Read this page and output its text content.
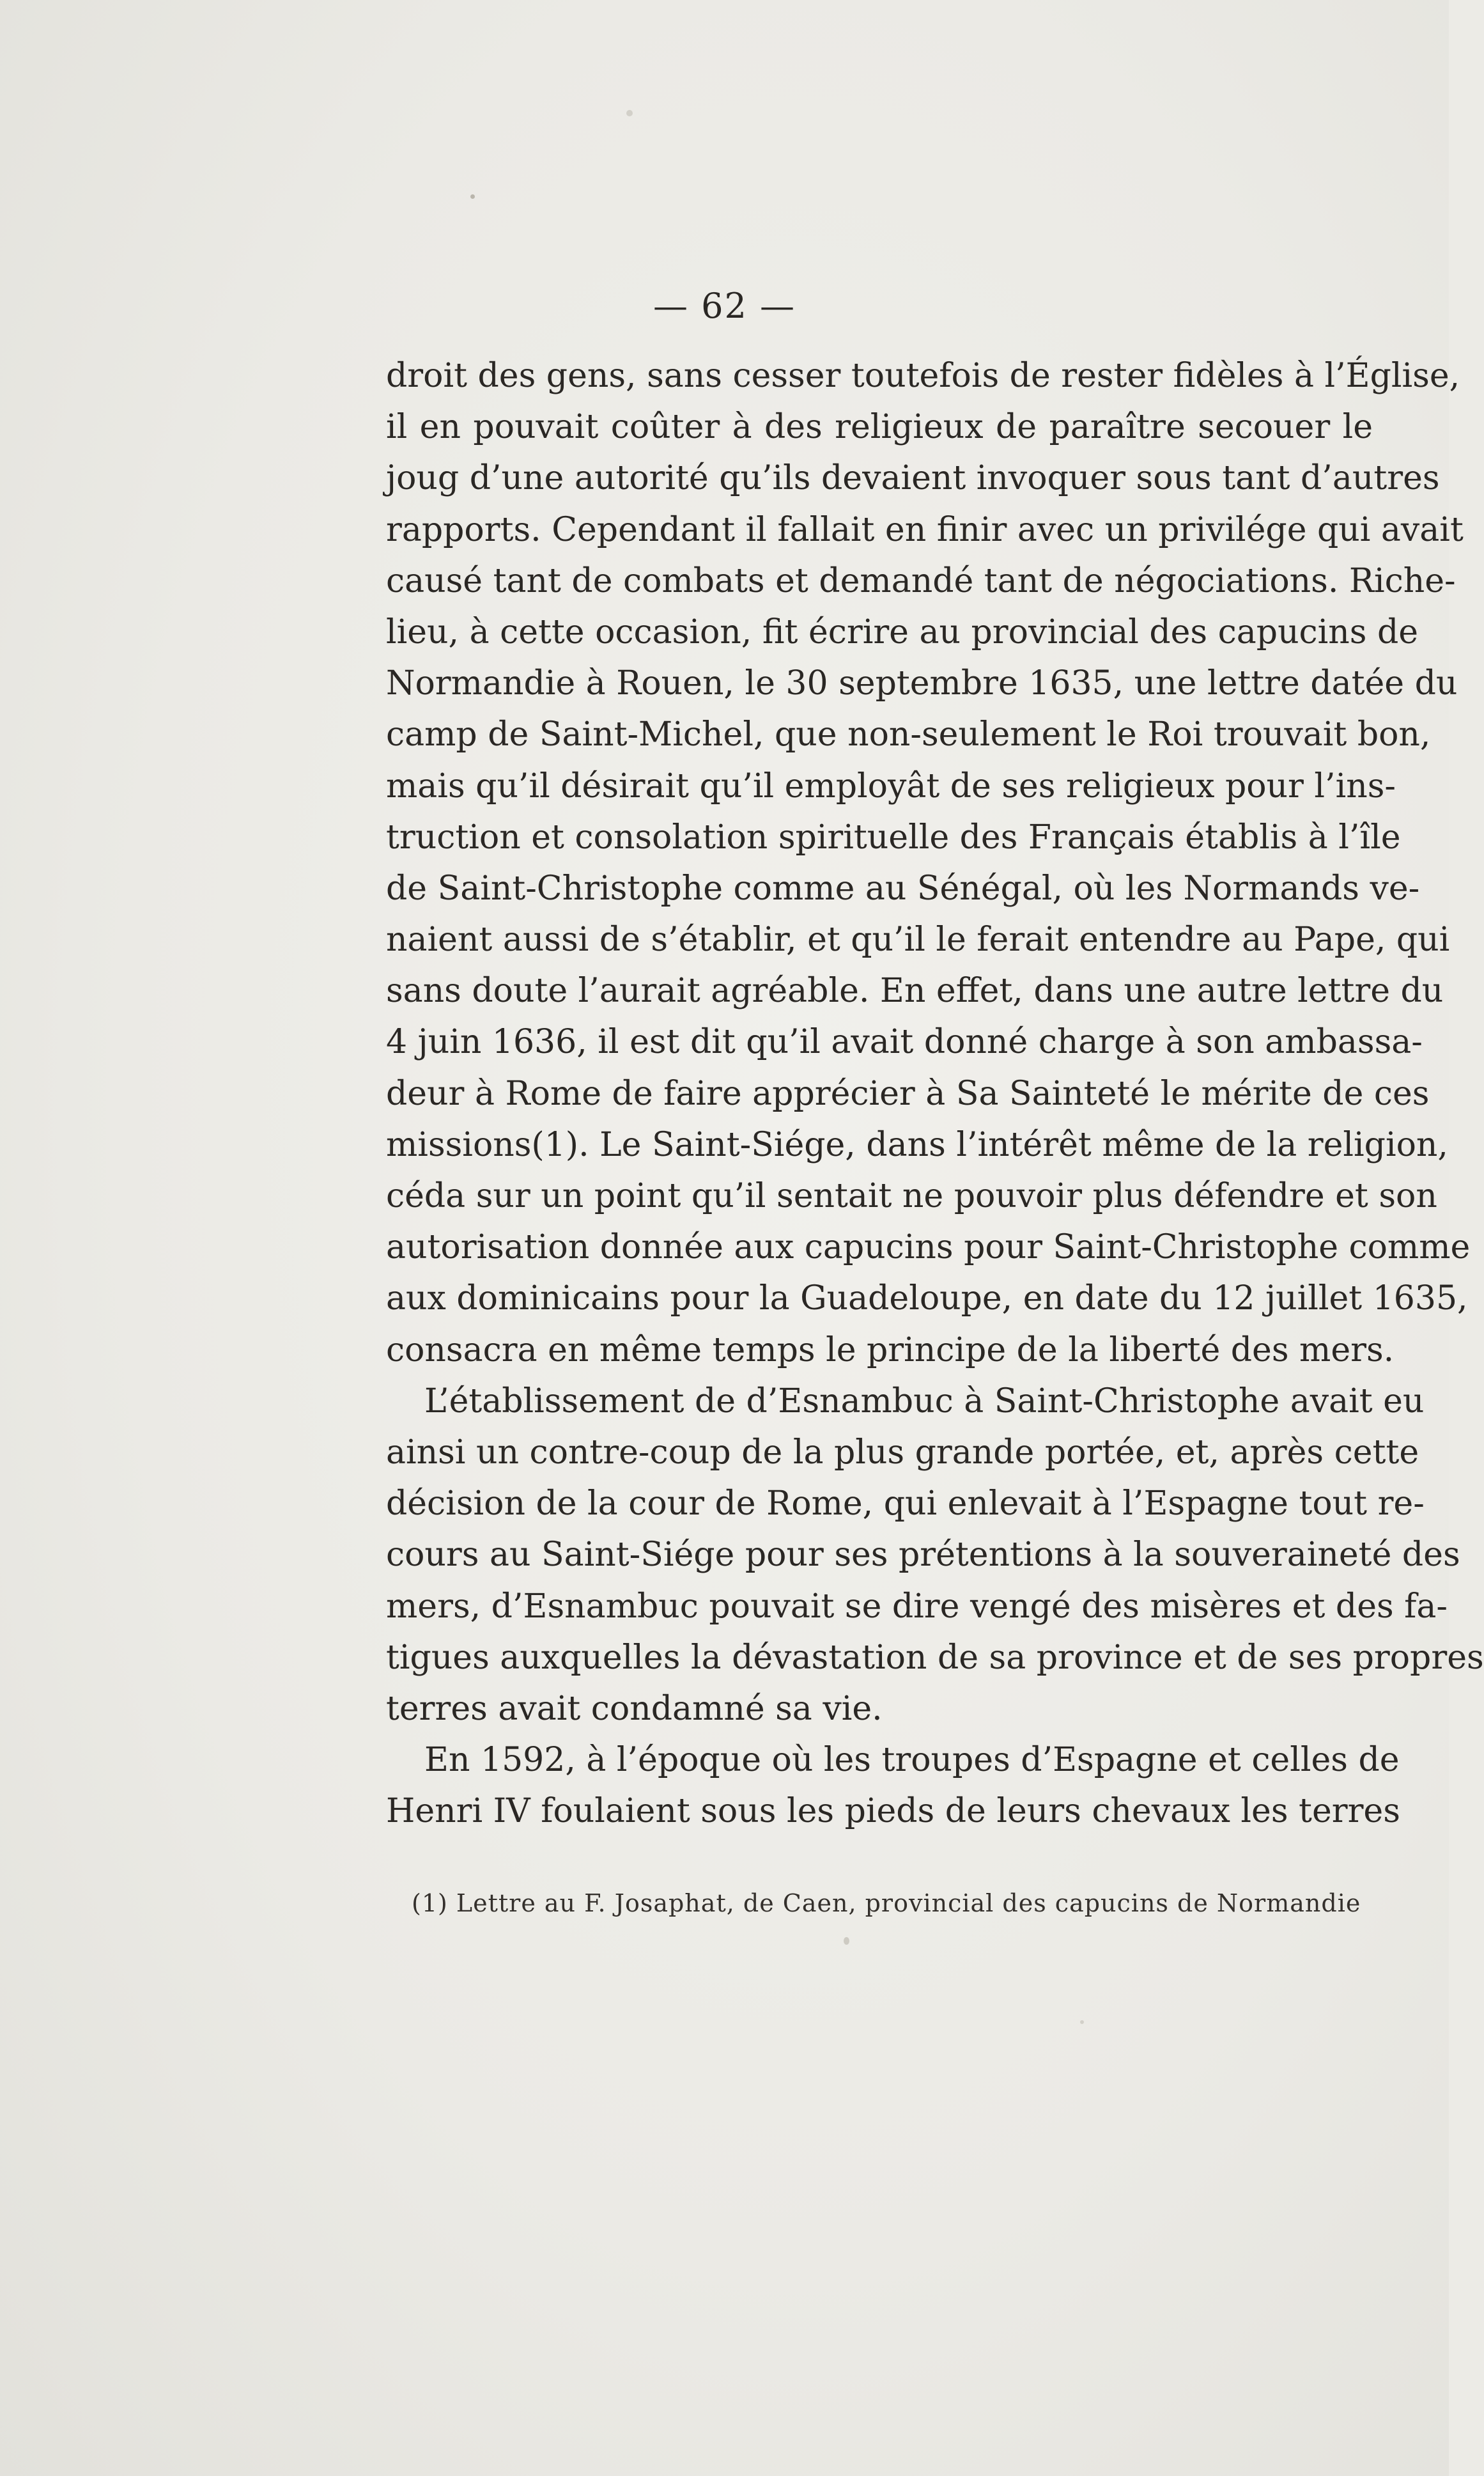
— 62 —
droit des gens, sans cesser toutefois de rester fidèles à l’Église,
il en pouvait coûter à des religieux de paraître secouer le
joug d’une autorité qu’ils devaient invoquer sous tant d’autres
rapports. Cependant il fallait en finir avec un privilége qui avait
causé tant de combats et demandé tant de négociations. Riche-
lieu, à cette occasion, fit écrire au provincial des capucins de
Normandie à Rouen, le 30 septembre 1635, une lettre datée du
camp de Saint-Michel, que non-seulement le Roi trouvait bon,
mais qu’il désirait qu’il employât de ses religieux pour l’ins-
truction et consolation spirituelle des Français établis à l’île
de Saint-Christophe comme au Sénégal, où les Normands ve-
naient aussi de s’établir, et qu’il le ferait entendre au Pape, qui
sans doute l’aurait agréable. En effet, dans une autre lettre du
4 juin 1636, il est dit qu’il avait donné charge à son ambassa-
deur à Rome de faire apprécier à Sa Sainteté le mérite de ces
missions(1). Le Saint-Siége, dans l’intérêt même de la religion,
céda sur un point qu’il sentait ne pouvoir plus défendre et son
autorisation donnée aux capucins pour Saint-Christophe comme
aux dominicains pour la Guadeloupe, en date du 12 juillet 1635,
consacra en même temps le principe de la liberté des mers.
L’établissement de d’Esnambuc à Saint-Christophe avait eu
ainsi un contre-coup de la plus grande portée, et, après cette
décision de la cour de Rome, qui enlevait à l’Espagne tout re-
cours au Saint-Siége pour ses prétentions à la souveraineté des
mers, d’Esnambuc pouvait se dire vengé des misères et des fa-
tigues auxquelles la dévastation de sa province et de ses propres
terres avait condamné sa vie.
En 1592, à l’époque où les troupes d’Espagne et celles de
Henri IV foulaient sous les pieds de leurs chevaux les terres
(1) Lettre au F. Josaphat, de Caen, provincial des capucins de Normandie
